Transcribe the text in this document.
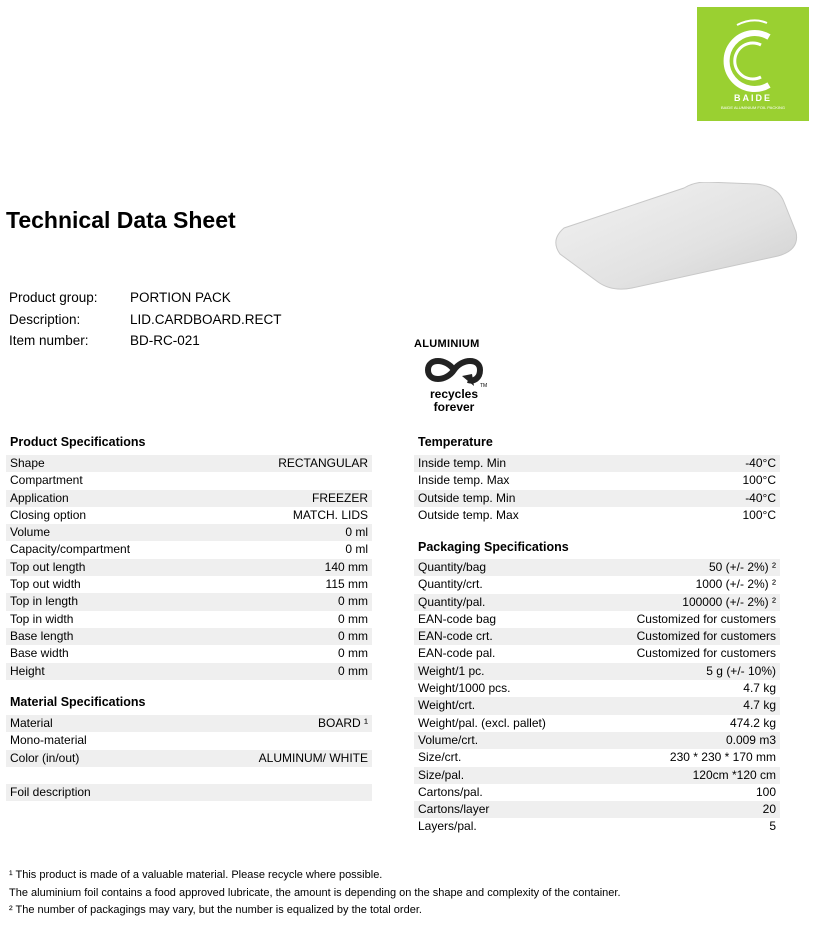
BAIDE
BAIDE ALUMINIUM FOIL PACKING
Technical Data Sheet
Product group:	PORTION PACK
Description:	LID.CARDBOARD.RECT
Item number:	BD-RC-021	ALUMINIUM
TM
recycles
forever
Product Specifications
Shape	RECTANGULAR
Compartment
Application	FREEZER
Closing option	MATCH. LIDS
Volume	0 ml
Capacity/compartment	0 ml
Top out length	140 mm
Top out width	115 mm
Top in length	0 mm
Top in width	0 mm
Base length	0 mm
Base width	0 mm
Height	0 mm
Material Specifications
Material	BOARD ¹
Mono-material
Color (in/out)	ALUMINUM/ WHITE
Foil description
Temperature
Inside temp. Min	-40°C
Inside temp. Max	100°C
Outside temp. Min	-40°C
Outside temp. Max	100°C
Packaging Specifications
Quantity/bag	50 (+/- 2%) ²
Quantity/crt.	1000 (+/- 2%) ²
Quantity/pal.	100000 (+/- 2%) ²
EAN-code bag	Customized for customers
EAN-code crt.	Customized for customers
EAN-code pal.	Customized for customers
Weight/1 pc.	5 g (+/- 10%)
Weight/1000 pcs.	4.7 kg
Weight/crt.	4.7 kg
Weight/pal. (excl. pallet)	474.2 kg
Volume/crt.	0.009 m3
Size/crt.	230 * 230 * 170 mm
Size/pal.	120cm *120 cm
Cartons/pal.	100
Cartons/layer	20
Layers/pal.	5
¹ This product is made of a valuable material. Please recycle where possible.
The aluminium foil contains a food approved lubricate, the amount is depending on the shape and complexity of the container.
² The number of packagings may vary, but the number is equalized by the total order.
